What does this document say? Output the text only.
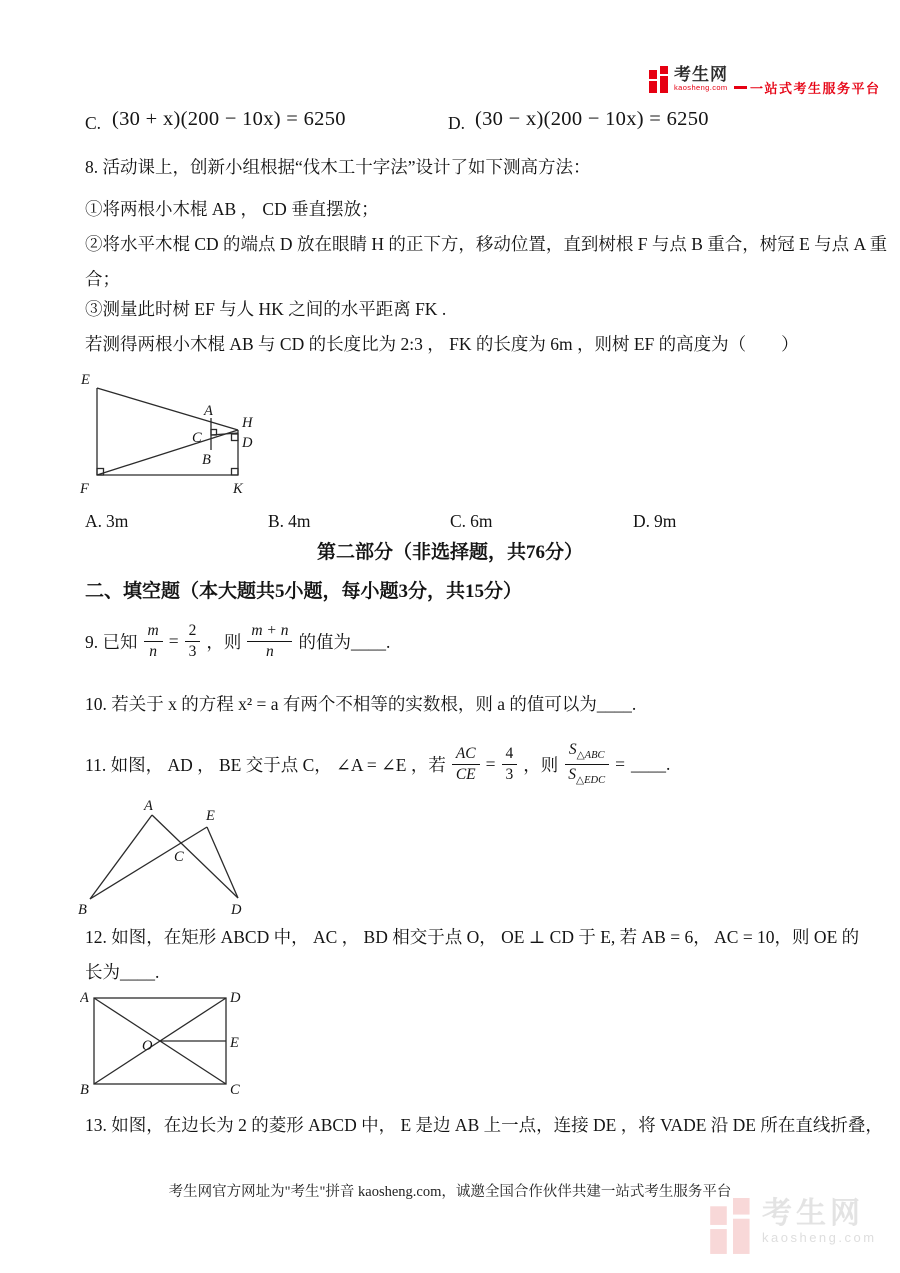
考生网
kaosheng.com 一站式考生服务平台
C. (30 + x)(200 − 10x) = 6250	D. (30 − x)(200 − 10x) = 6250
8. 活动课上，创新小组根据“伐木工十字法”设计了如下测高方法：
①将两根小木棍 AB ， CD 垂直摆放；
②将水平木棍 CD 的端点 D 放在眼睛 H 的正下方，移动位置，直到树根 F 与点 B 重合，树冠 E 与点 A 重
合；
③测量此时树 EF 与人 HK 之间的水平距离 FK .
若测得两根小木棍 AB 与 CD 的长度比为 2:3 ， FK 的长度为 6m ，则树 EF 的高度为（　　）
E
F	K
A
C
B
H
D
A. 3m	B. 4m	C. 6m	D. 9m
第二部分（非选择题，共76分）
二、填空题（本大题共5小题，每小题3分，共15分）
9. 已知 $\frac{m}{n} = \frac{2}{3}$ ，则 $\frac{m + n}{n}$ 的值为____.
10. 若关于 x 的方程 x² = a 有两个不相等的实数根，则 a 的值可以为____.
11. 如图， AD ， BE 交于点 C， ∠A = ∠E ，若 $\frac{AC}{CE} = \frac{4}{3}$ ，则 $\frac{S_{\triangle ABC}}{S_{\triangle EDC}}$ = ____.
A
E
B	D
C
12. 如图，在矩形 ABCD 中， AC ， BD 相交于点 O， OE ⊥ CD 于 E, 若 AB = 6， AC = 10，则 OE 的
长为____.
A	D
B	C
O	E
13. 如图，在边长为 2 的菱形 ABCD 中， E 是边 AB 上一点，连接 DE ，将 VADE 沿 DE 所在直线折叠，
考生网官方网址为"考生"拼音 kaosheng.com，诚邀全国合作伙伴共建一站式考生服务平台
考生网
kaosheng.com
